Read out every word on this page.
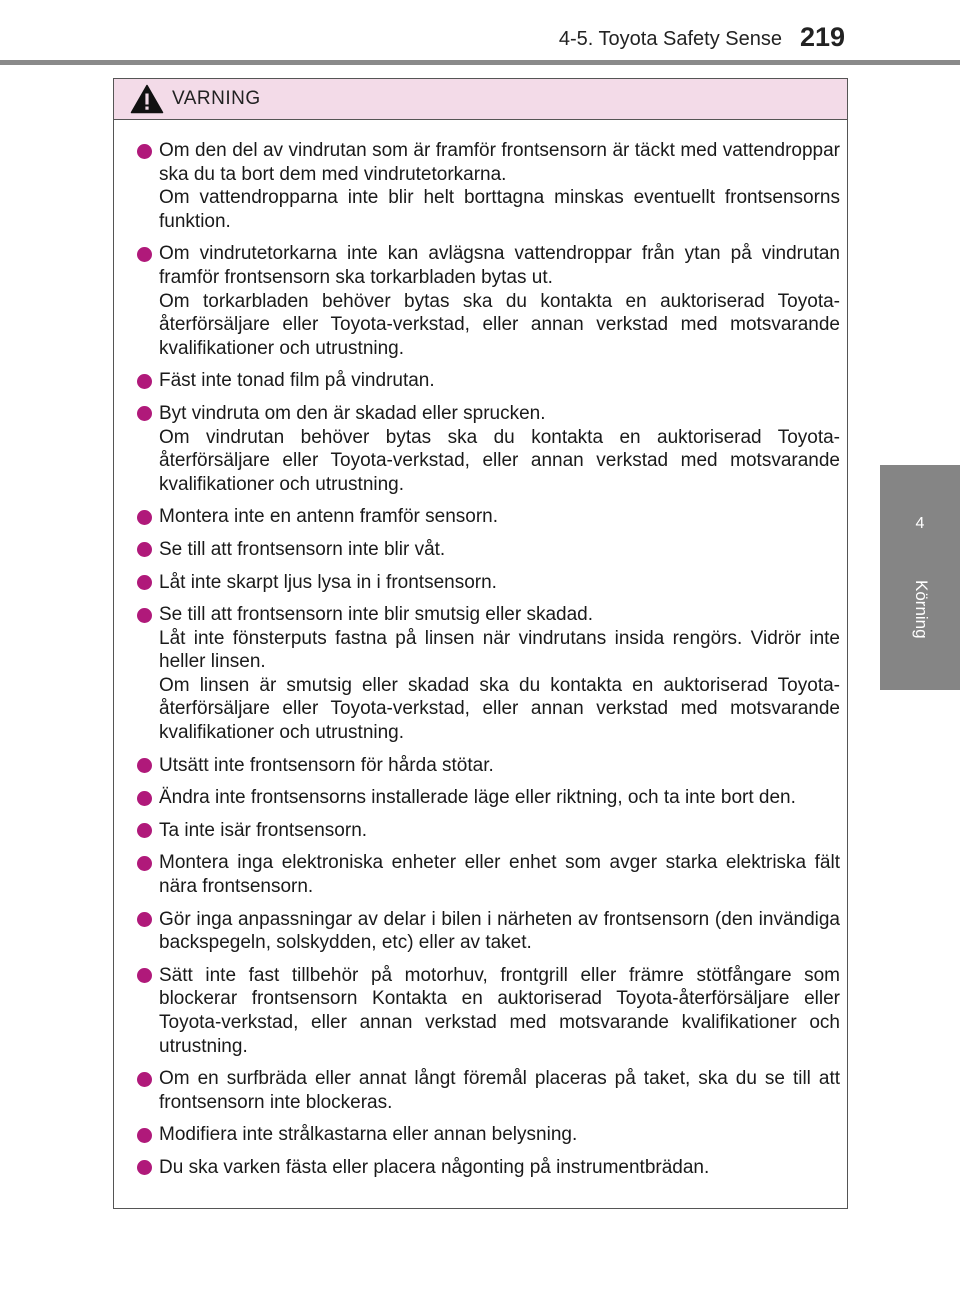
4-5. Toyota Safety Sense 219
4
Körning
VARNING

Om den del av vindrutan som är framför frontsensorn är täckt med vattendroppar ska du ta bort dem med vindrutetorkarna.

Om vattendropparna inte blir helt borttagna minskas eventuellt frontsensorns funktion.

Om vindrutetorkarna inte kan avlägsna vattendroppar från ytan på vindrutan framför frontsensorn ska torkarbladen bytas ut.

Om torkarbladen behöver bytas ska du kontakta en auktoriserad Toyota-återförsäljare eller Toyota-verkstad, eller annan verkstad med motsvarande kvalifikationer och utrustning.

Fäst inte tonad film på vindrutan.

Byt vindruta om den är skadad eller sprucken.

Om vindrutan behöver bytas ska du kontakta en auktoriserad Toyota-återförsäljare eller Toyota-verkstad, eller annan verkstad med motsvarande kvalifikationer och utrustning.

Montera inte en antenn framför sensorn.

Se till att frontsensorn inte blir våt.

Låt inte skarpt ljus lysa in i frontsensorn.

Se till att frontsensorn inte blir smutsig eller skadad.

Låt inte fönsterputs fastna på linsen när vindrutans insida rengörs. Vidrör inte heller linsen.

Om linsen är smutsig eller skadad ska du kontakta en auktoriserad Toyota-återförsäljare eller Toyota-verkstad, eller annan verkstad med motsvarande kvalifikationer och utrustning.

Utsätt inte frontsensorn för hårda stötar.

Ändra inte frontsensorns installerade läge eller riktning, och ta inte bort den.

Ta inte isär frontsensorn.

Montera inga elektroniska enheter eller enhet som avger starka elektriska fält nära frontsensorn.

Gör inga anpassningar av delar i bilen i närheten av frontsensorn (den invändiga backspegeln, solskydden, etc) eller av taket.

Sätt inte fast tillbehör på motorhuv, frontgrill eller främre stötfångare som blockerar frontsensorn Kontakta en auktoriserad Toyota-återförsäljare eller Toyota-verkstad, eller annan verkstad med motsvarande kvalifikationer och utrustning.

Om en surfbräda eller annat långt föremål placeras på taket, ska du se till att frontsensorn inte blockeras.

Modifiera inte strålkastarna eller annan belysning.

Du ska varken fästa eller placera någonting på instrumentbrädan.
